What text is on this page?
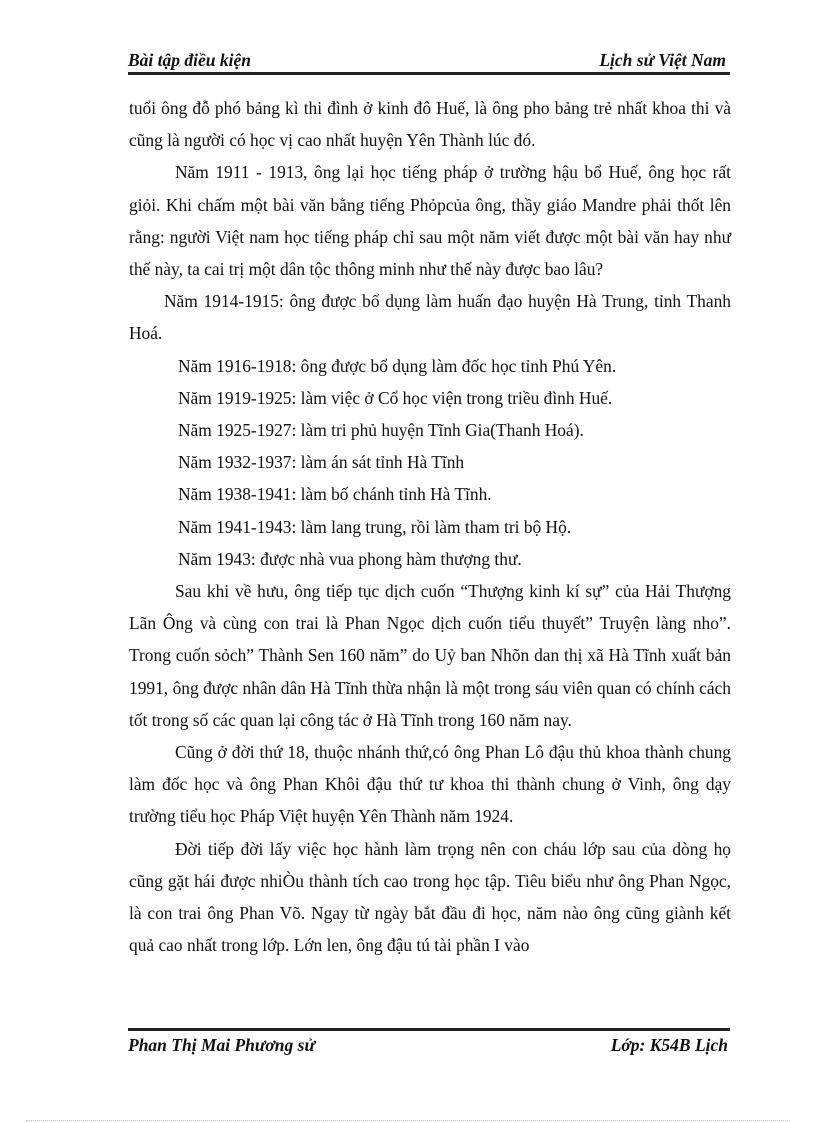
Bài tập điều kiện	Lịch sử Việt Nam

tuổi ông đỗ phó bảng kì thi đình ở kinh đô Huế, là ông pho bảng trẻ nhất khoa thi và cũng là người có học vị cao nhất huyện Yên Thành lúc đó.

Năm 1911 - 1913, ông lại học tiếng pháp ở trường hậu bổ Huế, ông học rất giỏi. Khi chấm một bài văn bằng tiếng Phỏpcủa ông, thầy giáo Mandre phải thốt lên rằng: người Việt nam học tiếng pháp chỉ sau một năm viết được một bài văn hay như thế này, ta cai trị một dân tộc thông minh như thế này được bao lâu?

Năm 1914-1915: ông được bổ dụng làm huấn đạo huyện Hà Trung, tỉnh Thanh Hoá.

Năm 1916-1918: ông được bổ dụng làm đốc học tỉnh Phú Yên.

Năm 1919-1925: làm việc ở Cổ học viện trong triều đình Huế.

Năm 1925-1927: làm tri phủ huyện Tĩnh Gia(Thanh Hoá).

Năm 1932-1937: làm án sát tỉnh Hà Tĩnh

Năm 1938-1941: làm bố chánh tỉnh Hà Tĩnh.

Năm 1941-1943: làm lang trung, rồi làm tham tri bộ Hộ.

Năm 1943: được nhà vua phong hàm thượng thư.

Sau khi về hưu, ông tiếp tục dịch cuốn “Thượng kinh kí sự” của Hải Thượng Lãn Ông và cùng con trai là Phan Ngọc dịch cuốn tiểu thuyết” Truyện làng nho”. Trong cuốn sỏch” Thành Sen 160 năm” do Uỷ ban Nhõn dan thị xã Hà Tĩnh xuất bản 1991, ông được nhân dân Hà Tĩnh thừa nhận là một trong sáu viên quan có chính cách tốt trong số các quan lại công tác ở Hà Tĩnh trong 160 năm nay.

Cũng ở đời thứ 18, thuộc nhánh thứ,có ông Phan Lô đậu thủ khoa thành chung làm đốc học và ông Phan Khôi đậu thứ tư khoa thi thành chung ở Vinh, ông dạy trường tiểu học Pháp Việt huyện Yên Thành năm 1924.

Đời tiếp đời lấy việc học hành làm trọng nên con cháu lớp sau của dòng họ cũng gặt hái được nhiÒu thành tích cao trong học tập. Tiêu biểu như ông Phan Ngọc, là con trai ông Phan Võ. Ngay từ ngày bắt đầu đi học, năm nào ông cũng giành kết quả cao nhất trong lớp. Lớn len, ông đậu tú tài phần I vào

Phan Thị Mai Phương sử	Lớp: K54B Lịch
